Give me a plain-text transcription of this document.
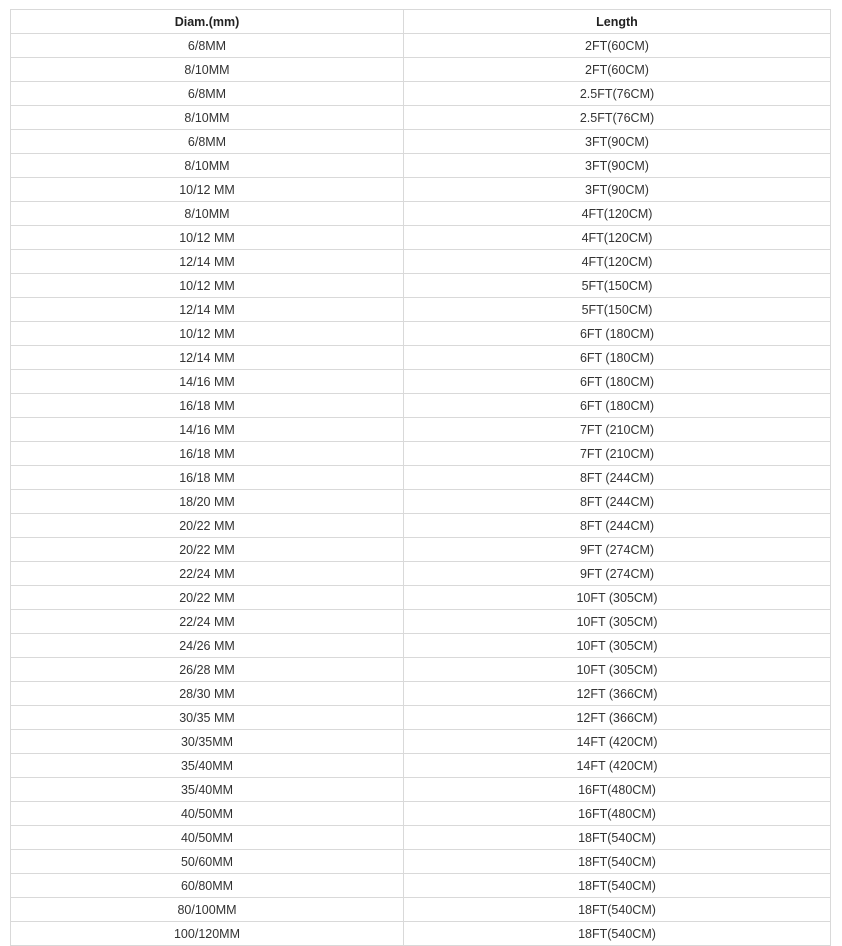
Diam.(mm)	Length
6/8MM	2FT(60CM)
8/10MM	2FT(60CM)
6/8MM	2.5FT(76CM)
8/10MM	2.5FT(76CM)
6/8MM	3FT(90CM)
8/10MM	3FT(90CM)
10/12 MM	3FT(90CM)
8/10MM	4FT(120CM)
10/12 MM	4FT(120CM)
12/14 MM	4FT(120CM)
10/12 MM	5FT(150CM)
12/14 MM	5FT(150CM)
10/12 MM	6FT (180CM)
12/14 MM	6FT (180CM)
14/16 MM	6FT (180CM)
16/18 MM	6FT (180CM)
14/16 MM	7FT (210CM)
16/18 MM	7FT (210CM)
16/18 MM	8FT (244CM)
18/20 MM	8FT (244CM)
20/22 MM	8FT (244CM)
20/22 MM	9FT (274CM)
22/24 MM	9FT (274CM)
20/22 MM	10FT (305CM)
22/24 MM	10FT (305CM)
24/26 MM	10FT (305CM)
26/28 MM	10FT (305CM)
28/30 MM	12FT (366CM)
30/35 MM	12FT (366CM)
30/35MM	14FT (420CM)
35/40MM	14FT (420CM)
35/40MM	16FT(480CM)
40/50MM	16FT(480CM)
40/50MM	18FT(540CM)
50/60MM	18FT(540CM)
60/80MM	18FT(540CM)
80/100MM	18FT(540CM)
100/120MM	18FT(540CM)
